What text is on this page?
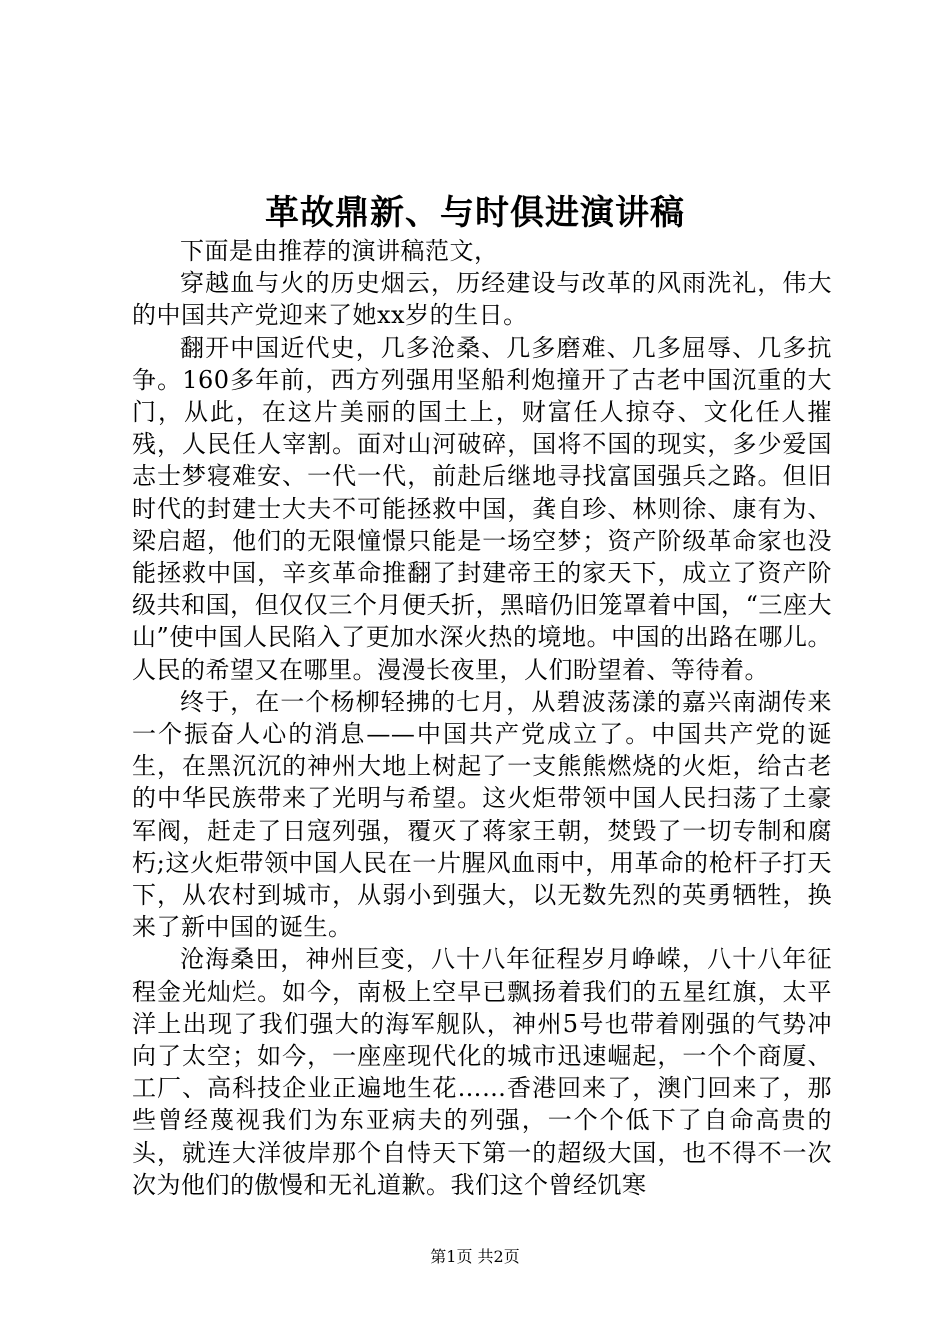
革故鼎新、与时俱进演讲稿

下面是由推荐的演讲稿范文，

穿越血与火的历史烟云，历经建设与改革的风雨洗礼，伟大的中国共产党迎来了她xx岁的生日。

翻开中国近代史，几多沧桑、几多磨难、几多屈辱、几多抗争。160多年前，西方列强用坚船利炮撞开了古老中国沉重的大门，从此，在这片美丽的国土上，财富任人掠夺、文化任人摧残，人民任人宰割。面对山河破碎，国将不国的现实，多少爱国志士梦寝难安、一代一代，前赴后继地寻找富国强兵之路。但旧时代的封建士大夫不可能拯救中国，龚自珍、林则徐、康有为、梁启超，他们的无限憧憬只能是一场空梦；资产阶级革命家也没能拯救中国，辛亥革命推翻了封建帝王的家天下，成立了资产阶级共和国，但仅仅三个月便夭折，黑暗仍旧笼罩着中国，“三座大山”使中国人民陷入了更加水深火热的境地。中国的出路在哪儿。人民的希望又在哪里。漫漫长夜里，人们盼望着、等待着。

终于，在一个杨柳轻拂的七月，从碧波荡漾的嘉兴南湖传来一个振奋人心的消息——中国共产党成立了。中国共产党的诞生，在黑沉沉的神州大地上树起了一支熊熊燃烧的火炬，给古老的中华民族带来了光明与希望。这火炬带领中国人民扫荡了土豪军阀，赶走了日寇列强，覆灭了蒋家王朝，焚毁了一切专制和腐朽;这火炬带领中国人民在一片腥风血雨中，用革命的枪杆子打天下，从农村到城市，从弱小到强大，以无数先烈的英勇牺牲，换来了新中国的诞生。

沧海桑田，神州巨变，八十八年征程岁月峥嵘，八十八年征程金光灿烂。如今，南极上空早已飘扬着我们的五星红旗，太平洋上出现了我们强大的海军舰队，神州5号也带着刚强的气势冲向了太空；如今，一座座现代化的城市迅速崛起，一个个商厦、工厂、高科技企业正遍地生花……香港回来了，澳门回来了，那些曾经蔑视我们为东亚病夫的列强，一个个低下了自命高贵的头，就连大洋彼岸那个自恃天下第一的超级大国，也不得不一次次为他们的傲慢和无礼道歉。我们这个曾经饥寒

第1页 共2页
